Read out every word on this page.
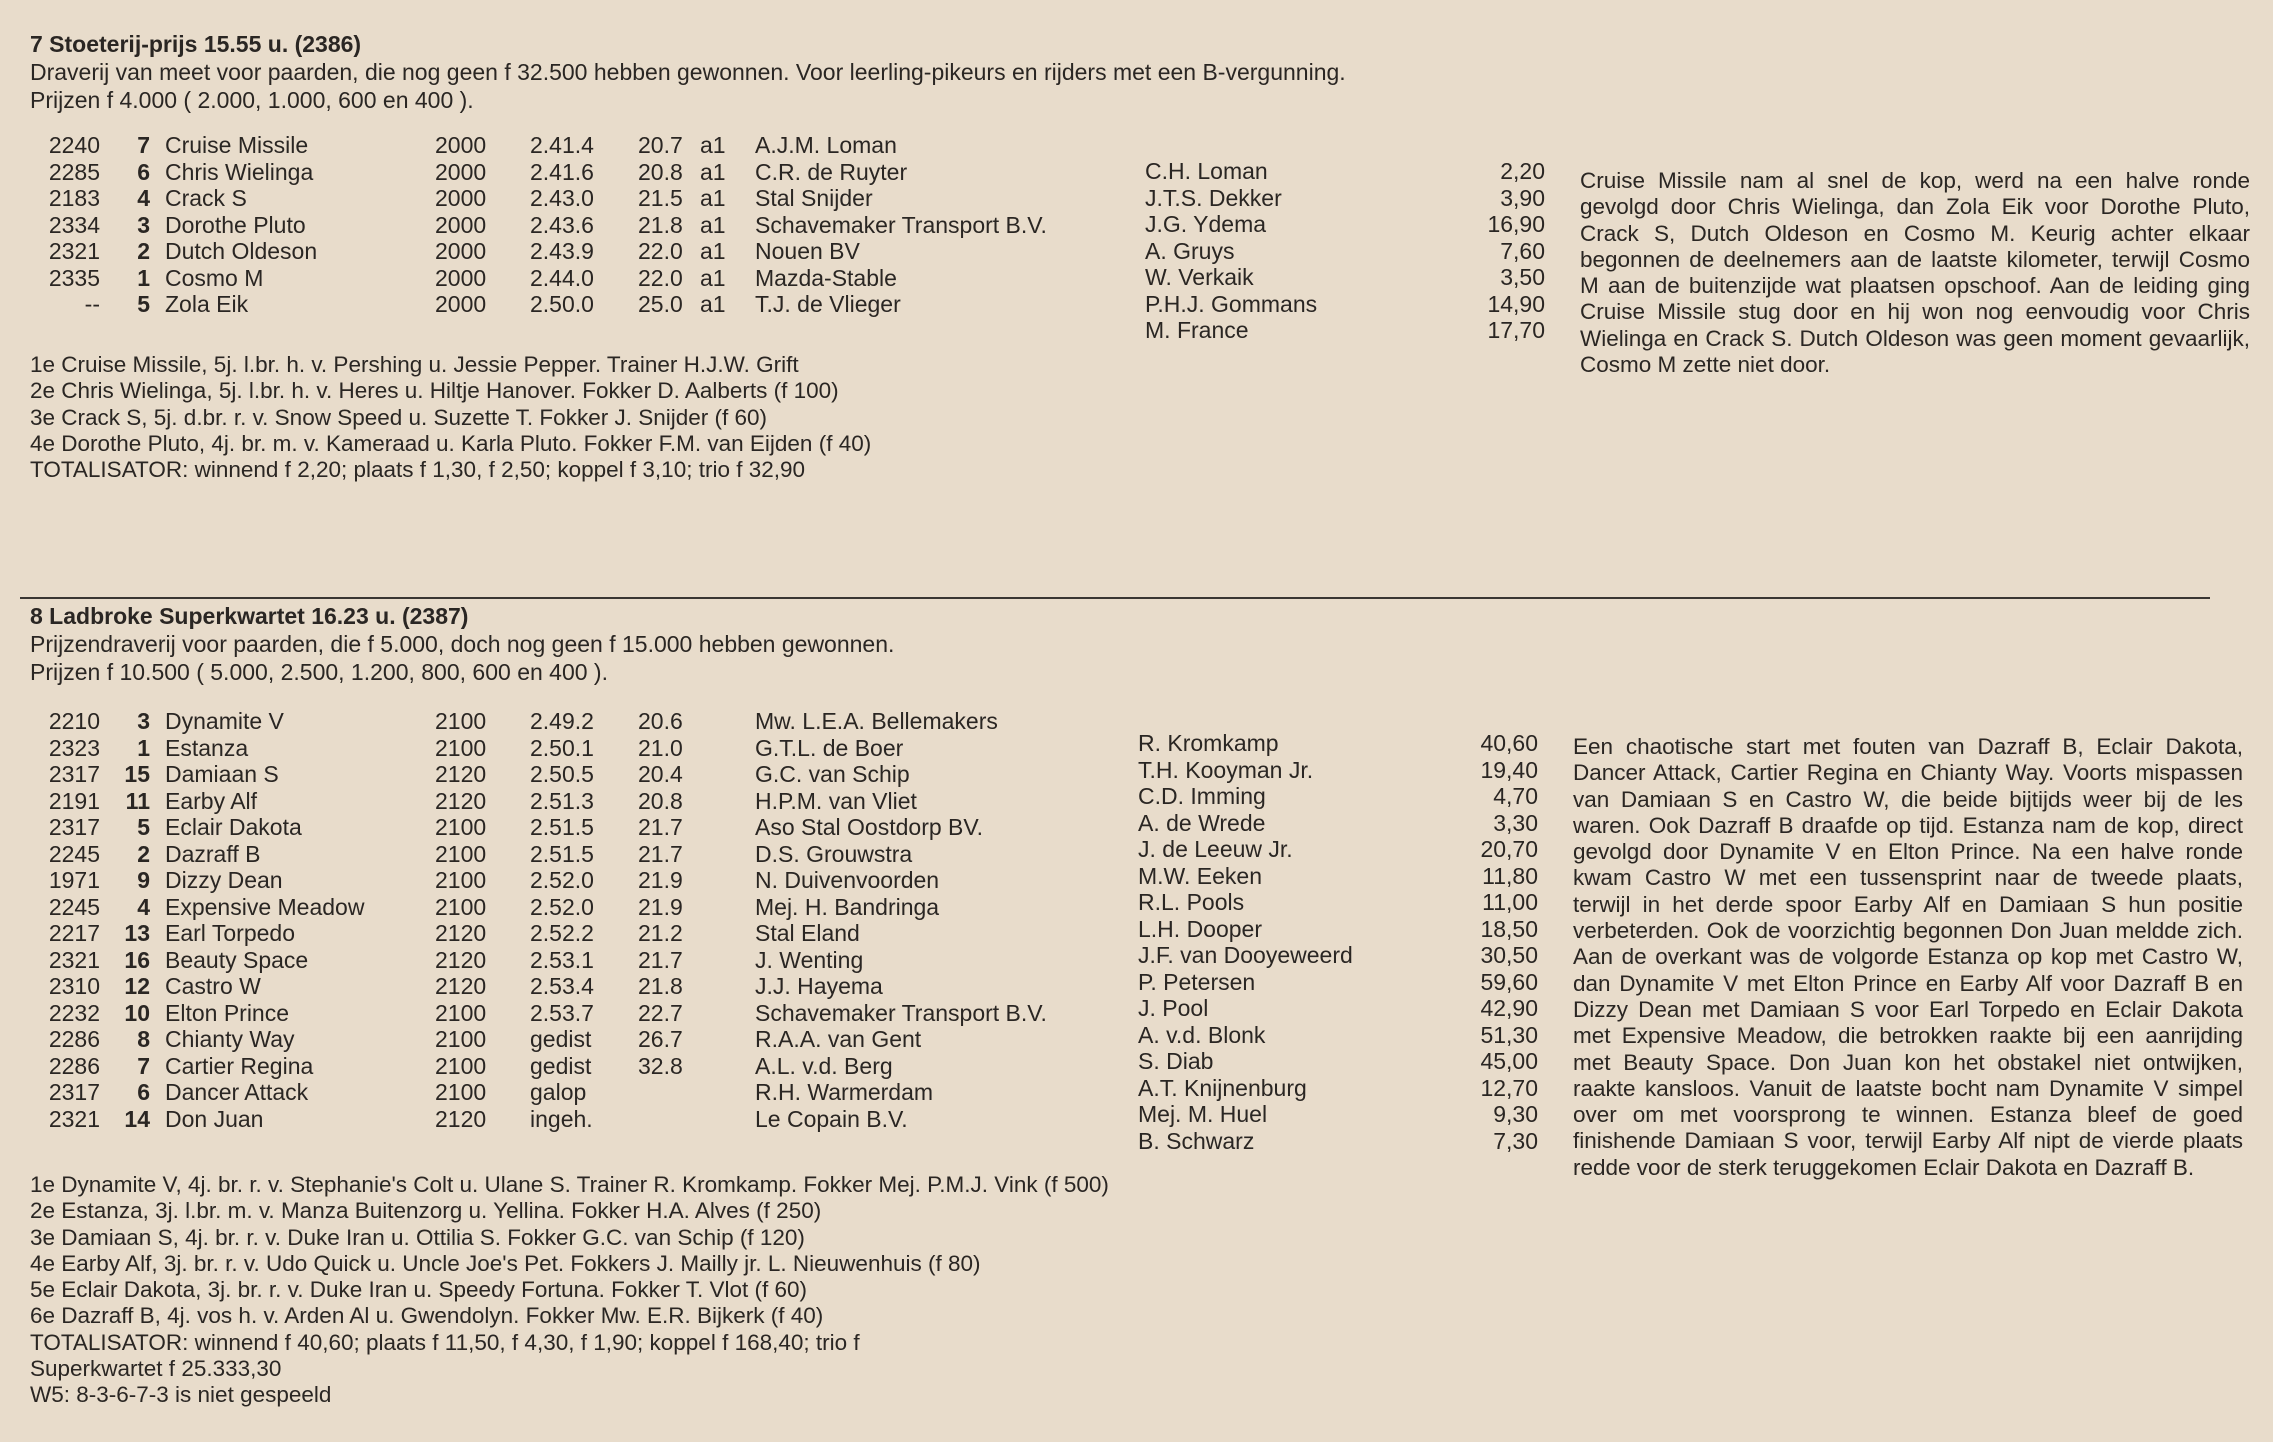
7 Stoeterij-prijs 15.55 u. (2386)
Draverij van meet voor paarden, die nog geen f 32.500 hebben gewonnen. Voor leerling-pikeurs en rijders met een B-vergunning.
Prijzen f 4.000 ( 2.000, 1.000, 600 en 400 ).
2240	7 Cruise Missile	2000 2.41.4 20.7 a1 A.J.M. Loman
2285	6 Chris Wielinga	2000 2.41.6 20.8 a1 C.R. de Ruyter
2183	4 Crack S	2000 2.43.0 21.5 a1 Stal Snijder
2334	3 Dorothe Pluto	2000 2.43.6 21.8 a1 Schavemaker Transport B.V.
2321	2 Dutch Oldeson	2000 2.43.9 22.0 a1 Nouen BV
2335	1 Cosmo M	2000 2.44.0 22.0 a1 Mazda-Stable
--	5 Zola Eik	2000 2.50.0 25.0 a1 T.J. de Vlieger
C.H. Loman	2,20
J.T.S. Dekker	3,90
J.G. Ydema	16,90
A. Gruys	7,60
W. Verkaik	3,50
P.H.J. Gommans	14,90
M. France	17,70
Cruise Missile nam al snel de kop, werd na een halve ronde gevolgd door Chris Wielinga, dan Zola Eik voor Dorothe Pluto, Crack S, Dutch Oldeson en Cosmo M. Keurig achter elkaar begonnen de deelnemers aan de laatste kilometer, terwijl Cosmo M aan de buitenzijde wat plaatsen opschoof. Aan de leiding ging Cruise Missile stug door en hij won nog eenvoudig voor Chris Wielinga en Crack S. Dutch Oldeson was geen moment gevaarlijk, Cosmo M zette niet door.
1e Cruise Missile, 5j. l.br. h. v. Pershing u. Jessie Pepper. Trainer H.J.W. Grift
2e Chris Wielinga, 5j. l.br. h. v. Heres u. Hiltje Hanover. Fokker D. Aalberts (f 100)
3e Crack S, 5j. d.br. r. v. Snow Speed u. Suzette T. Fokker J. Snijder (f 60)
4e Dorothe Pluto, 4j. br. m. v. Kameraad u. Karla Pluto. Fokker F.M. van Eijden (f 40)
TOTALISATOR: winnend f 2,20; plaats f 1,30, f 2,50; koppel f 3,10; trio f 32,90
8 Ladbroke Superkwartet 16.23 u. (2387)
Prijzendraverij voor paarden, die f 5.000, doch nog geen f 15.000 hebben gewonnen.
Prijzen f 10.500 ( 5.000, 2.500, 1.200, 800, 600 en 400 ).
2210	3 Dynamite V	2100 2.49.2 20.6	Mw. L.E.A. Bellemakers
2323	1 Estanza	2100 2.50.1 21.0	G.T.L. de Boer
2317	15 Damiaan S	2120 2.50.5 20.4	G.C. van Schip
2191	11 Earby Alf	2120 2.51.3 20.8	H.P.M. van Vliet
2317	5 Eclair Dakota	2100 2.51.5 21.7	Aso Stal Oostdorp BV.
2245	2 Dazraff B	2100 2.51.5 21.7	D.S. Grouwstra
1971	9 Dizzy Dean	2100 2.52.0 21.9	N. Duivenvoorden
2245	4 Expensive Meadow	2100 2.52.0 21.9	Mej. H. Bandringa
2217	13 Earl Torpedo	2120 2.52.2 21.2	Stal Eland
2321	16 Beauty Space	2120 2.53.1 21.7	J. Wenting
2310	12 Castro W	2120 2.53.4 21.8	J.J. Hayema
2232	10 Elton Prince	2100 2.53.7 22.7	Schavemaker Transport B.V.
2286	8 Chianty Way	2100 gedist 26.7	R.A.A. van Gent
2286	7 Cartier Regina	2100 gedist 32.8	A.L. v.d. Berg
2317	6 Dancer Attack	2100 galop	R.H. Warmerdam
2321	14 Don Juan	2120 ingeh.	Le Copain B.V.
R. Kromkamp	40,60
T.H. Kooyman Jr.	19,40
C.D. Imming	4,70
A. de Wrede	3,30
J. de Leeuw Jr.	20,70
M.W. Eeken	11,80
R.L. Pools	11,00
L.H. Dooper	18,50
J.F. van Dooyeweerd	30,50
P. Petersen	59,60
J. Pool	42,90
A. v.d. Blonk	51,30
S. Diab	45,00
A.T. Knijnenburg	12,70
Mej. M. Huel	9,30
B. Schwarz	7,30
Een chaotische start met fouten van Dazraff B, Eclair Dakota, Dancer Attack, Cartier Regina en Chianty Way. Voorts mispassen van Damiaan S en Castro W, die beide bijtijds weer bij de les waren. Ook Dazraff B draafde op tijd. Estanza nam de kop, direct gevolgd door Dynamite V en Elton Prince. Na een halve ronde kwam Castro W met een tussensprint naar de tweede plaats, terwijl in het derde spoor Earby Alf en Damiaan S hun positie verbeterden. Ook de voorzichtig begonnen Don Juan meldde zich. Aan de overkant was de volgorde Estanza op kop met Castro W, dan Dynamite V met Elton Prince en Earby Alf voor Dazraff B en Dizzy Dean met Damiaan S voor Earl Torpedo en Eclair Dakota met Expensive Meadow, die betrokken raakte bij een aanrijding met Beauty Space. Don Juan kon het obstakel niet ontwijken, raakte kansloos. Vanuit de laatste bocht nam Dynamite V simpel over om met voorsprong te winnen. Estanza bleef de goed finishende Damiaan S voor, terwijl Earby Alf nipt de vierde plaats redde voor de sterk teruggekomen Eclair Dakota en Dazraff B.
1e Dynamite V, 4j. br. r. v. Stephanie's Colt u. Ulane S. Trainer R. Kromkamp. Fokker Mej. P.M.J. Vink (f 500)
2e Estanza, 3j. l.br. m. v. Manza Buitenzorg u. Yellina. Fokker H.A. Alves (f 250)
3e Damiaan S, 4j. br. r. v. Duke Iran u. Ottilia S. Fokker G.C. van Schip (f 120)
4e Earby Alf, 3j. br. r. v. Udo Quick u. Uncle Joe's Pet. Fokkers J. Mailly jr. L. Nieuwenhuis (f 80)
5e Eclair Dakota, 3j. br. r. v. Duke Iran u. Speedy Fortuna. Fokker T. Vlot (f 60)
6e Dazraff B, 4j. vos h. v. Arden Al u. Gwendolyn. Fokker Mw. E.R. Bijkerk (f 40)
TOTALISATOR: winnend f 40,60; plaats f 11,50, f 4,30, f 1,90; koppel f 168,40; trio f
Superkwartet f 25.333,30
W5: 8-3-6-7-3 is niet gespeeld
